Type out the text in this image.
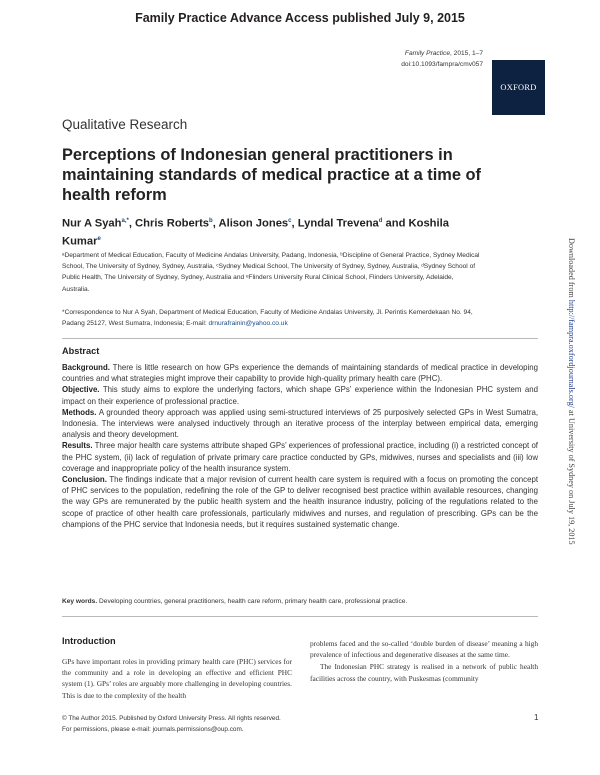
Family Practice Advance Access published July 9, 2015
Family Practice, 2015, 1–7
doi:10.1093/fampra/cmv057
OXFORD
Qualitative Research
Perceptions of Indonesian general practitioners in maintaining standards of medical practice at a time of health reform
Nur A Syah$^{a,*}$, Chris Roberts$^b$, Alison Jones$^c$, Lyndal Trevena$^d$ and Koshila Kumar$^e$
ᵃDepartment of Medical Education, Faculty of Medicine Andalas University, Padang, Indonesia, ᵇDiscipline of General Practice, Sydney Medical School, The University of Sydney, Sydney, Australia, ᶜSydney Medical School, The University of Sydney, Sydney, Australia, ᵈSydney School of Public Health, The University of Sydney, Sydney, Australia and ᵉFlinders University Rural Clinical School, Flinders University, Adelaide, Australia.
*Correspondence to Nur A Syah, Department of Medical Education, Faculty of Medicine Andalas University, Jl. Perintis Kemerdekaan No. 94, Padang 25127, West Sumatra, Indonesia; E-mail: drnurafrainin@yahoo.co.uk
Abstract

Background. There is little research on how GPs experience the demands of maintaining standards of medical practice in developing countries and what strategies might improve their capability to provide high-quality primary health care (PHC).

Objective. This study aims to explore the underlying factors, which shape GPs’ experience within the Indonesian PHC system and impact on their experience of professional practice.

Methods. A grounded theory approach was applied using semi-structured interviews of 25 purposively selected GPs in West Sumatra, Indonesia. The interviews were analysed inductively through an iterative process of the interplay between empirical data, emerging analysis and theory development.

Results. Three major health care systems attribute shaped GPs’ experiences of professional practice, including (i) a restricted concept of the PHC system, (ii) lack of regulation of private primary care practice conducted by GPs, midwives, nurses and specialists and (iii) low coverage and inappropriate policy of the health insurance system.

Conclusion. The findings indicate that a major revision of current health care system is required with a focus on promoting the concept of PHC services to the population, redefining the role of the GP to deliver recognised best practice within available resources, changing the way GPs are remunerated by the public health system and the health insurance industry, policing of the regulations related to the scope of practice of other health care professionals, particularly midwives and nurses, and regulation of prescribing. GPs can be the champions of the PHC service that Indonesia needs, but it requires sustained systematic change.

Key words. Developing countries, general practitioners, health care reform, primary health care, professional practice.
Introduction
GPs have important roles in providing primary health care (PHC) services for the community and a role in developing an effective and efficient PHC system (1). GPs’ roles are arguably more challenging in developing countries. This is due to the complexity of the health

problems faced and the so-called ‘double burden of disease’ meaning a high prevalence of infectious and degenerative diseases at the same time.

The Indonesian PHC strategy is realised in a network of public health facilities across the country, with Puskesmas (community

© The Author 2015. Published by Oxford University Press. All rights reserved.
For permissions, please e-mail: journals.permissions@oup.com.
1
Downloaded from http://fampra.oxfordjournals.org/ at University of Sydney on July 19, 2015
